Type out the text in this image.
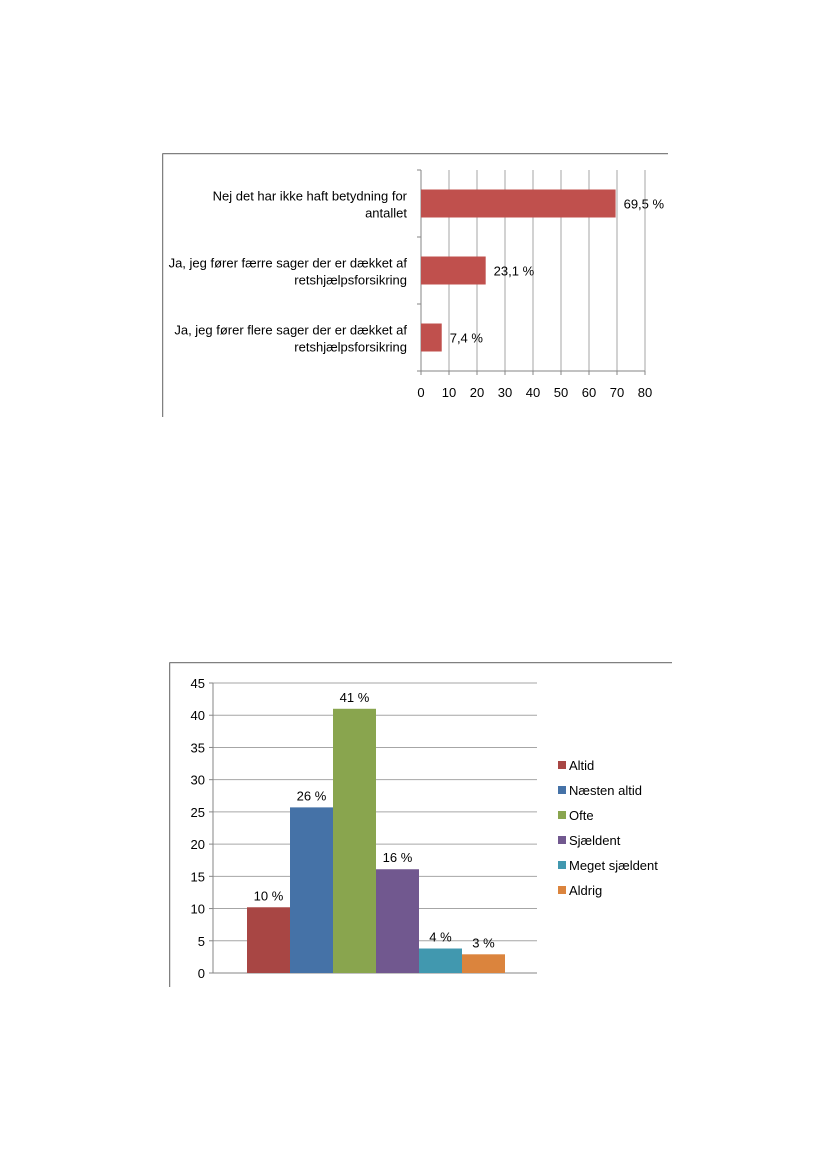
0 10 20 30 40 50 60 70 80
69,5 %
Nej det har ikke haft betydning for
antallet
23,1 %
Ja, jeg fører færre sager der er dækket af
retshjælpsforsikring
7,4 %
Ja, jeg fører flere sager der er dækket af
retshjælpsforsikring
0
5
10
15
20
25
30
35
40
45
10 %
26 %
41 %
16 %
4 % 3 %
Altid
Næsten altid
Ofte
Sjældent
Meget sjældent
Aldrig
